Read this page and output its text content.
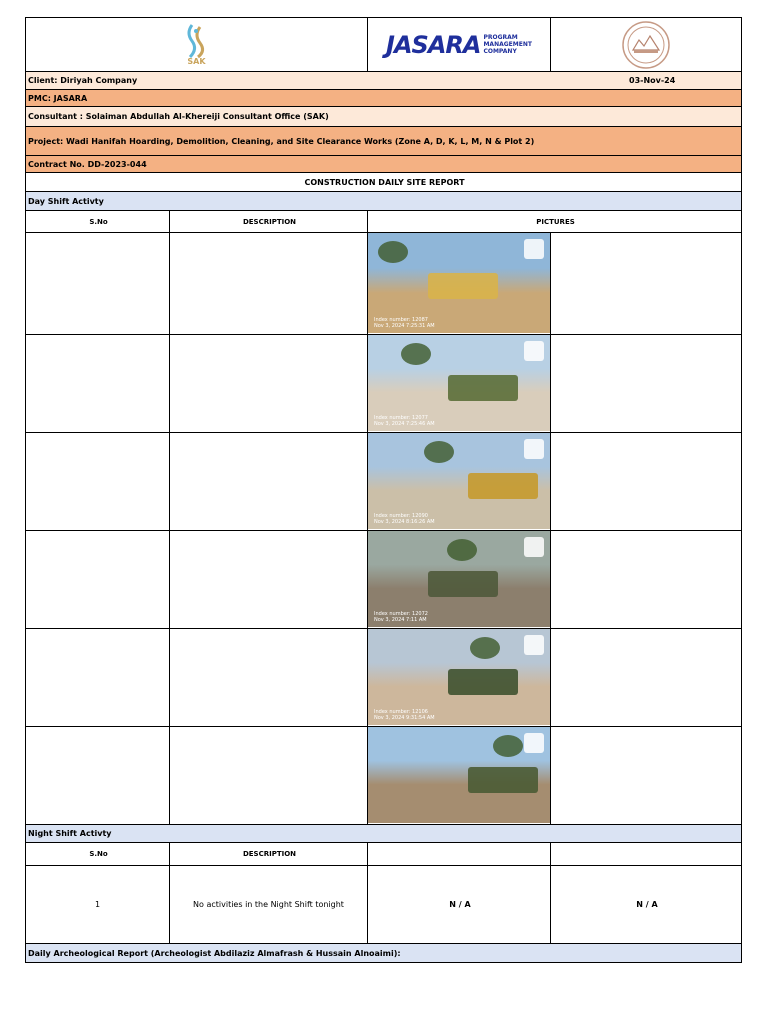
SAK
JASARA PROGRAM
MANAGEMENT
COMPANY
Client: Diriyah Company	03-Nov-24
PMC: JASARA
Consultant : Solaiman Abdullah Al-Khereiji Consultant Office (SAK)
Project: Wadi Hanifah Hoarding, Demolition, Cleaning, and Site Clearance Works (Zone A, D, K, L, M, N & Plot 2)
Contract No. DD-2023-044
CONSTRUCTION DAILY SITE REPORT
Day Shift Activty
S.No	DESCRIPTION	PICTURES
Index number: 12087
Nov 3, 2024 7:25:31 AM
Index number: 12077
Nov 3, 2024 7:25:46 AM
Index number: 12090
Nov 3, 2024 8:16:26 AM
Index number: 12072
Nov 3, 2024 7:11 AM
Index number: 12106
Nov 3, 2024 9:31:54 AM
Night Shift Activty
S.No	DESCRIPTION
1	No activities in the Night Shift tonight	N / A	N / A
Daily Archeological Report (Archeologist Abdilaziz Almafrash & Hussain Alnoaimi):
